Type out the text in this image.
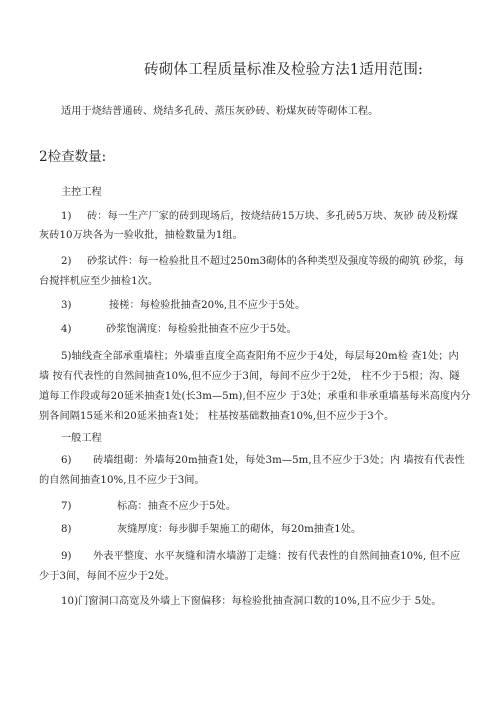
砖砌体工程质量标准及检验方法1适用范围:
适用于烧结普通砖、烧结多孔砖、蒸压灰砂砖、粉煤灰砖等砌体工程。
2检查数量:
主控工程
1) 砖：每一生产厂家的砖到现场后，按烧结砖15万块、多孔砖5万块、灰砂 砖及粉煤
灰砖10万块各为一验收批，抽检数量为1组。
2) 砂浆试件：每一检验批且不超过250m3砌体的各种类型及强度等级的砌筑 砂浆，每
台搅拌机应至少抽检1次。
3)	接槎：每检验批抽查20%,且不应少于5处。
4)	砂浆饱满度：每检验批抽查不应少于5处。
5)轴线查全部承重墙柱；外墙垂直度全高查阳角不应少于4处，每层每20m检 查1处；内
墙 按有代表性的自然间抽查10%,但不应少于3间，每间不应少于2处， 柱不少于5根；沟、隧
道每工作段或每20延米抽查1处(长3m—5m),但不应少 于3处；承重和非承重墙基每米高度内分
别各间隔15延米和20延米抽查1处； 柱基按基础数抽查10%,但不应少于3个。
一般工程
6) 砖墙组砌：外墙每20m抽查1处，每处3m—5m,且不应少于3处；内 墙按有代表性
的自然间抽查10%,且不应少于3间。
7)	标高：抽查不应少于5处。
8)	灰缝厚度：每步脚手架施工的砌体，每20m抽查1处。
9) 外表平整度、水平灰缝和清水墙游丁走缝：按有代表性的自然间抽查10%, 但不应
少于3间，每间不应少于2处。
10)门窗洞口高宽及外墙上下窗偏移：每检验批抽查洞口数的10%,且不应少于 5处。
